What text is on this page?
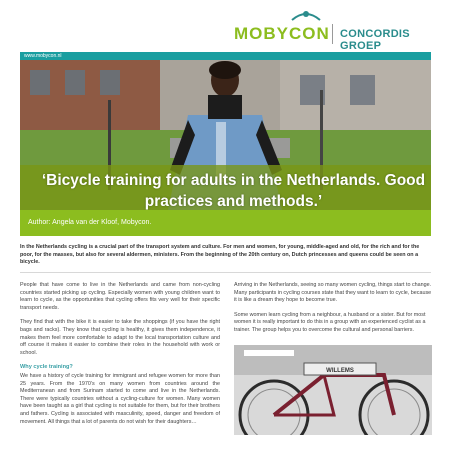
MOBYCON CONCORDIS GROEP
www.mobycon.nl
‘Bicycle training for adults in the Netherlands. Good practices and methods.’
Author: Angela van der Kloof, Mobycon.

In the Netherlands cycling is a crucial part of the transport system and culture. For men and women, for young, middle-aged and old, for the rich and for the poor, for the masses, but also for several aldermen, ministers. From the beginning of the 20th century on, Dutch princesses and queens could be seen on a bicycle.

People that have come to live in the Netherlands and came from non-cycling countries started picking up cycling. Especially women with young children want to learn to cycle, as the opportunities that cycling offers fits very well for their specific transport needs.

They find that with the bike it is easier to take the shoppings (if you have the right bags and racks). They know that cycling is healthy, it gives them independence, it makes them feel more comfortable to adapt to the local transportation culture and off course it makes it easier to combine their roles in the household with work or school.

Why cycle training?

We have a history of cycle training for immigrant and refugee women for more than 25 years. From the 1970’s on many women from countries around the Mediterranean and from Surinam started to come and live in the Netherlands. There were typically countries without a cycling-culture for women. Many women have been taught as a girl that cycling is not suitable for them, but for their brothers and fathers. Cycling is associated with masculinity, speed, danger and freedom of movement. All things that a lot of parents do not wish for their daughters…

Arriving in the Netherlands, seeing so many women cycling, things start to change. Many participants in cycling courses state that they want to learn to cycle, because it is like a dream they hope to become true.

Some women learn cycling from a neighbour, a husband or a sister. But for most women it is really important to do this in a group with an experienced cyclist as a trainer. The group helps you to overcome the cultural and personal barriers.

WILLEMS
